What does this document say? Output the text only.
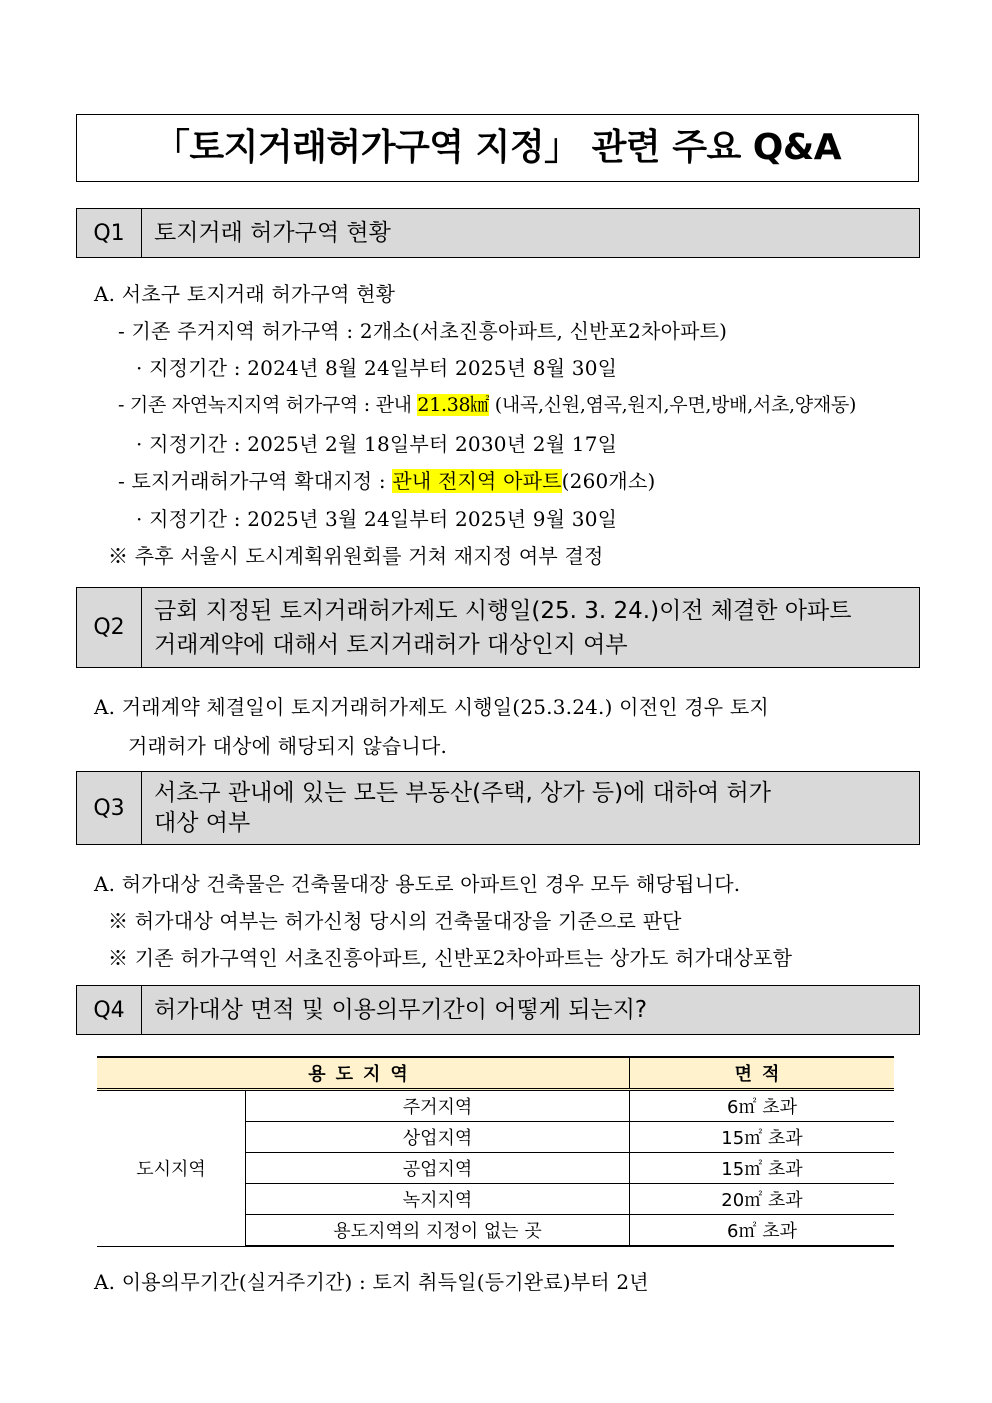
「토지거래허가구역 지정」 관련 주요 Q&A
Q1	토지거래 허가구역 현황
A. 서초구 토지거래 허가구역 현황
- 기존 주거지역 허가구역 : 2개소(서초진흥아파트, 신반포2차아파트)
· 지정기간 : 2024년 8월 24일부터 2025년 8월 30일
- 기존 자연녹지지역 허가구역 : 관내 21.38㎢ (내곡,신원,염곡,원지,우면,방배,서초,양재동)
· 지정기간 : 2025년 2월 18일부터 2030년 2월 17일
- 토지거래허가구역 확대지정 : 관내 전지역 아파트(260개소)
· 지정기간 : 2025년 3월 24일부터 2025년 9월 30일
※ 추후 서울시 도시계획위원회를 거쳐 재지정 여부 결정
Q2
금회 지정된 토지거래허가제도 시행일(25. 3. 24.)이전 체결한 아파트
거래계약에 대해서 토지거래허가 대상인지 여부
A. 거래계약 체결일이 토지거래허가제도 시행일(25.3.24.) 이전인 경우 토지
거래허가 대상에 해당되지 않습니다.
Q3
서초구 관내에 있는 모든 부동산(주택, 상가 등)에 대하여 허가
대상 여부
A. 허가대상 건축물은 건축물대장 용도로 아파트인 경우 모두 해당됩니다.
※ 허가대상 여부는 허가신청 당시의 건축물대장을 기준으로 판단
※ 기존 허가구역인 서초진흥아파트, 신반포2차아파트는 상가도 허가대상포함
Q4	허가대상 면적 및 이용의무기간이 어떻게 되는지?
용도지역		면적
도시지역	주거지역	6㎡ 초과
	상업지역	15㎡ 초과
	공업지역	15㎡ 초과
	녹지지역	20㎡ 초과
	용도지역의 지정이 없는 곳	6㎡ 초과
A. 이용의무기간(실거주기간) : 토지 취득일(등기완료)부터 2년
